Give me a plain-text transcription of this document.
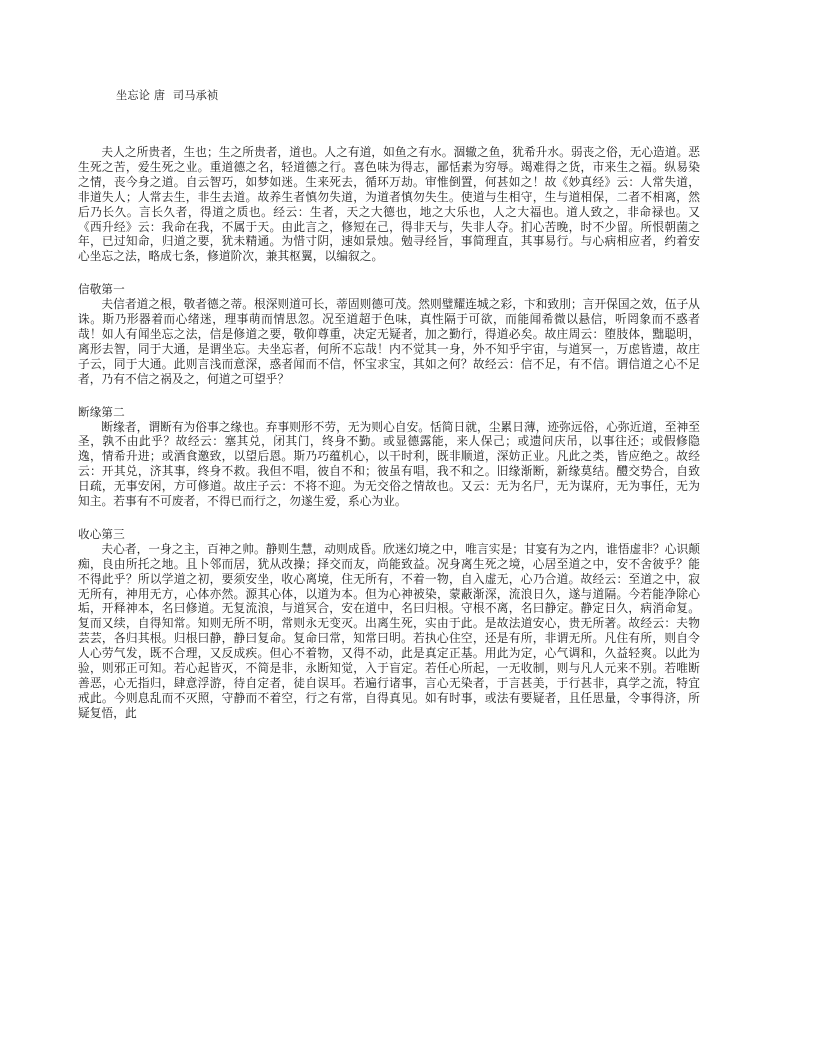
坐忘论 唐  司马承祯

夫人之所贵者，生也；生之所贵者，道也。人之有道，如鱼之有水。涸辙之鱼，犹希升水。弱丧之俗，无心造道。恶生死之苦，爱生死之业。重道德之名，轻道德之行。喜色味为得志，鄙恬素为穷辱。竭难得之货，市来生之福。纵易染之情，丧今身之道。自云智巧，如梦如迷。生来死去，循环万劫。审惟倒置，何甚如之！故《妙真经》云：人常失道，非道失人；人常去生，非生去道。故养生者慎勿失道，为道者慎勿失生。使道与生相守，生与道相保，二者不相离，然后乃长久。言长久者，得道之质也。经云：生者，天之大德也，地之大乐也，人之大福也。道人致之，非命禄也。又《西升经》云：我命在我，不属于天。由此言之，修短在己，得非天与，失非人夺。扪心苦晚，时不少留。所恨朝菌之年，已过知命，归道之要，犹未精通。为惜寸阴，速如景烛。勉寻经旨，事简理直，其事易行。与心病相应者，约着安心坐忘之法，略成七条，修道阶次，兼其枢翼，以编叙之。

信敬第一

夫信者道之根，敬者德之蒂。根深则道可长，蒂固则德可茂。然则璧耀连城之彩，卞和致刖；言开保国之效，伍子从诛。斯乃形器着而心绪迷，理事萌而情思忽。况至道超于色味，真性隔于可欲，而能闻希微以悬信，听罔象而不惑者哉！如人有闻坐忘之法，信是修道之要，敬仰尊重，决定无疑者，加之勤行，得道必矣。故庄周云：堕肢体，黜聪明，离形去智，同于大通，是谓坐忘。夫坐忘者，何所不忘哉！内不觉其一身，外不知乎宇宙，与道冥一，万虑皆遗，故庄子云，同于大通。此则言浅而意深，惑者闻而不信，怀宝求宝，其如之何？故经云：信不足，有不信。谓信道之心不足者，乃有不信之祸及之，何道之可望乎？

断缘第二

断缘者，谓断有为俗事之缘也。弃事则形不劳，无为则心自安。恬简日就，尘累日薄，迹弥远俗，心弥近道，至神至圣，孰不由此乎？故经云：塞其兑，闭其门，终身不勤。或显德露能，来人保己；或遗问庆吊，以事往还；或假修隐逸，情希升进；或酒食邀致，以望后恩。斯乃巧蕴机心，以干时利，既非顺道，深妨正业。凡此之类，皆应绝之。故经云：开其兑，济其事，终身不救。我但不唱，彼自不和；彼虽有唱，我不和之。旧缘渐断，新缘莫结。醴交势合，自致日疏，无事安闲，方可修道。故庄子云：不将不迎。为无交俗之情故也。又云：无为名尸，无为谋府，无为事任，无为知主。若事有不可废者，不得已而行之，勿遂生爱，系心为业。

收心第三

夫心者，一身之主，百神之帅。静则生慧，动则成昏。欣迷幻境之中，唯言实是；甘宴有为之内，谁悟虚非？心识颠痴，良由所托之地。且卜邻而居，犹从改操；择交而友，尚能致益。况身离生死之境，心居至道之中，安不舍彼乎？能不得此乎？所以学道之初，要须安坐，收心离境，住无所有，不着一物，自入虚无，心乃合道。故经云：至道之中，寂无所有，神用无方，心体亦然。源其心体，以道为本。但为心神被染，蒙蔽渐深，流浪日久，遂与道隔。今若能净除心垢，开释神本，名曰修道。无复流浪，与道冥合，安在道中，名曰归根。守根不离，名曰静定。静定日久，病消命复。复而又续，自得知常。知则无所不明，常则永无变灭。出离生死，实由于此。是故法道安心，贵无所著。故经云：夫物芸芸，各归其根。归根曰静，静曰复命。复命曰常，知常曰明。若执心住空，还是有所，非谓无所。凡住有所，则自令人心劳气发，既不合理，又反成疾。但心不着物，又得不动，此是真定正基。用此为定，心气调和，久益轻爽。以此为验，则邪正可知。若心起皆灭，不简是非，永断知觉，入于盲定。若任心所起，一无收制，则与凡人元来不别。若唯断善恶，心无指归，肆意浮游，待自定者，徒自误耳。若遍行诸事，言心无染者，于言甚美，于行甚非，真学之流，特宜戒此。今则息乱而不灭照，守静而不着空，行之有常，自得真见。如有时事，或法有要疑者，且任思量，令事得济，所疑复悟，此
